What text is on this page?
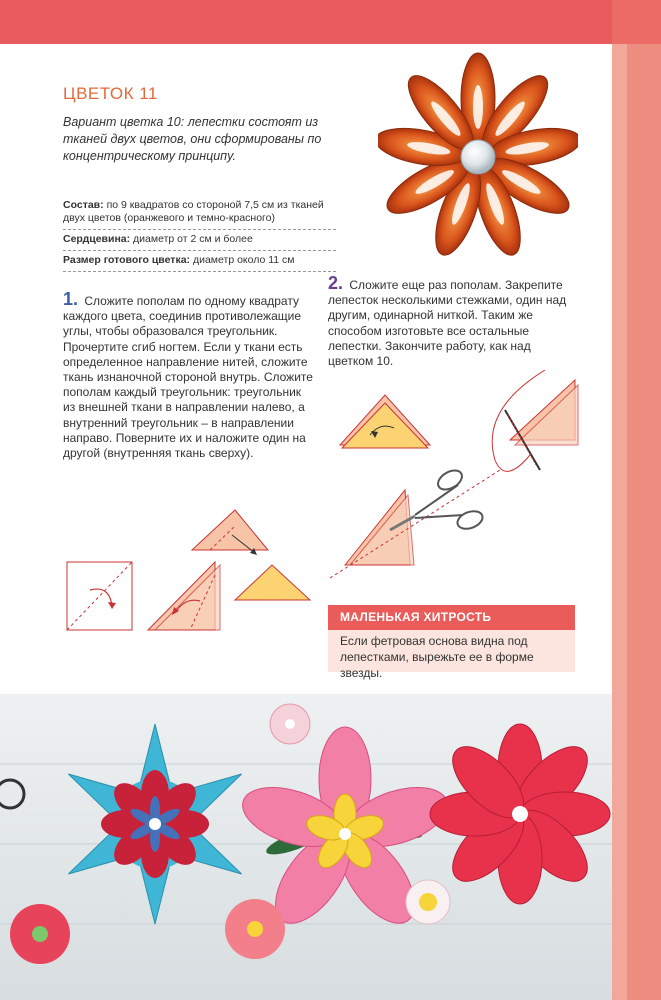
ЦВЕТОК 11
Вариант цветка 10: лепестки состоят из тканей двух цветов, они сформированы по концентрическому принципу.
Состав: по 9 квадратов со стороной 7,5 см из тканей двух цветов (оранжевого и темно-красного)
Сердцевина: диаметр от 2 см и более
Размер готового цветка: диаметр около 11 см
1. Сложите пополам по одному квадрату каждого цвета, соединив противолежащие углы, чтобы образовался треугольник. Прочертите сгиб ногтем. Если у ткани есть определенное направление нитей, сложите ткань изнаночной стороной внутрь. Сложите пополам каждый треугольник: треугольник из внешней ткани в направлении налево, а внутренний треугольник – в направлении направо. Поверните их и наложите один на другой (внутренняя ткань сверху).
2. Сложите еще раз пополам. Закрепите лепесток несколькими стежками, один над другим, одинарной ниткой. Таким же способом изготовьте все остальные лепестки. Закончите работу, как над цветком 10.
МАЛЕНЬКАЯ ХИТРОСТЬ
Если фетровая основа видна под лепестками, вырежьте ее в форме звезды.
